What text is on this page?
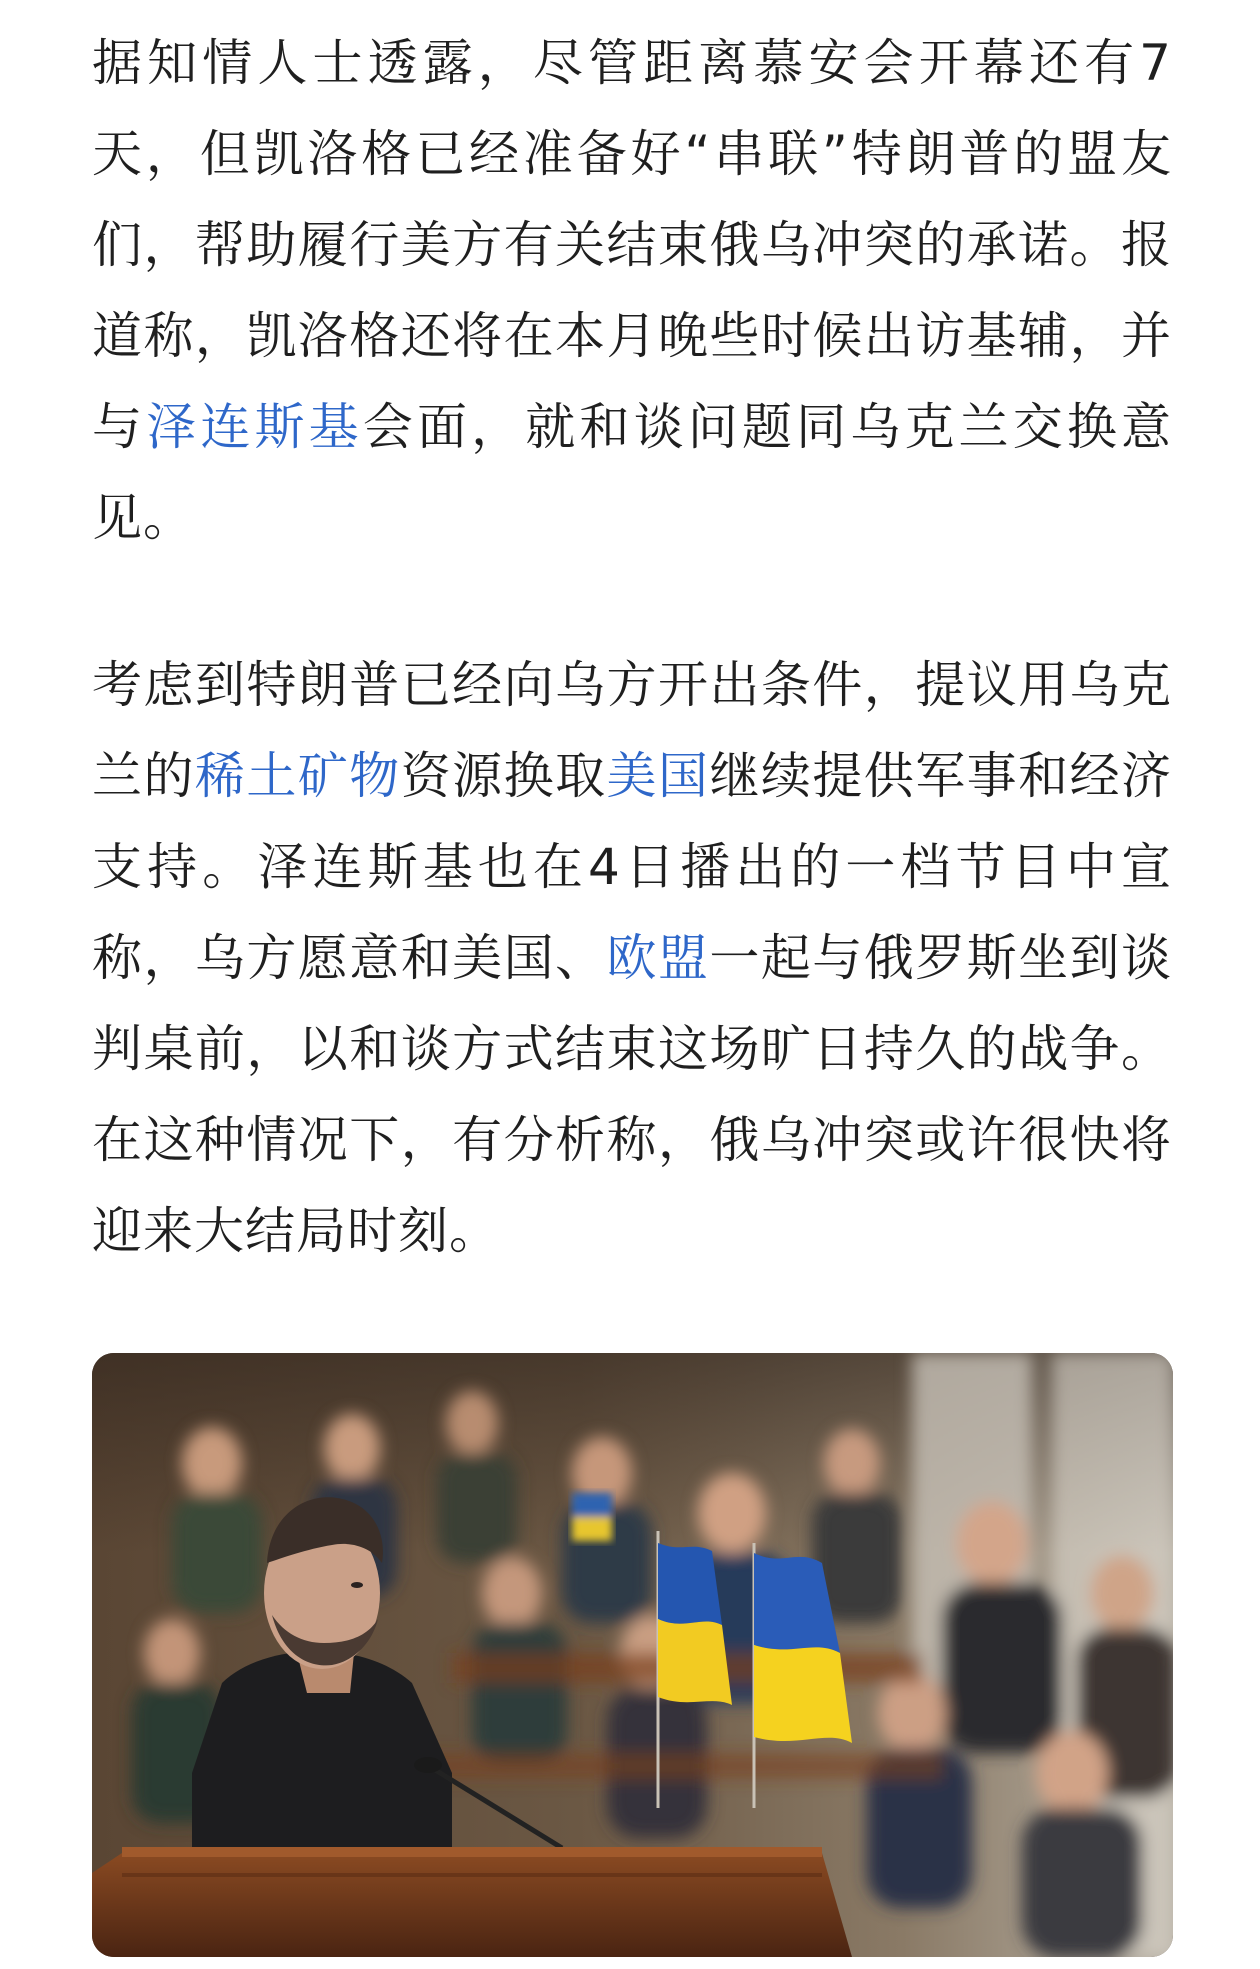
据知情人士透露，尽管距离慕安会开幕还有7天，但凯洛格已经准备好“串联”特朗普的盟友们，帮助履行美方有关结束俄乌冲突的承诺。报道称，凯洛格还将在本月晚些时候出访基辅，并与泽连斯基会面，就和谈问题同乌克兰交换意见。

考虑到特朗普已经向乌方开出条件，提议用乌克兰的稀土矿物资源换取美国继续提供军事和经济支持。泽连斯基也在4日播出的一档节目中宣称，乌方愿意和美国、欧盟一起与俄罗斯坐到谈判桌前，以和谈方式结束这场旷日持久的战争。在这种情况下，有分析称，俄乌冲突或许很快将迎来大结局时刻。
